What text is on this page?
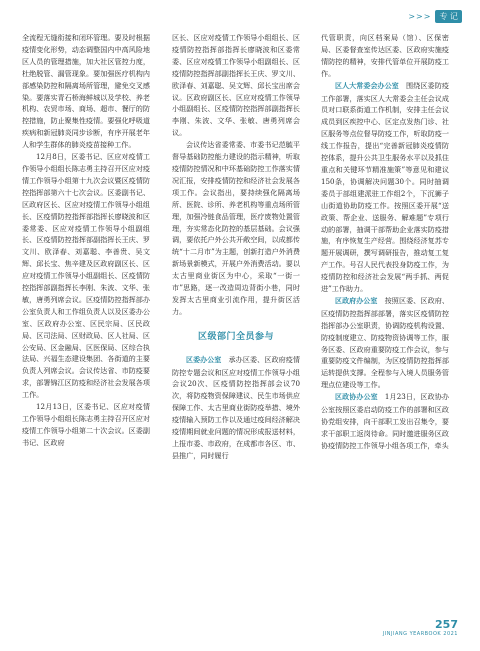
>>>	专 记

全流程无缝衔接和闭环管理。要及时根据疫情变化形势，动态调整国内中高风险地区人员的管理措施，加大社区管控力度，杜绝脱管、漏管现象。要加强医疗机构内部感染防控和隔离场所管理，避免交叉感染。要落实青石桥海鲜城以及学校、养老机构、农贸市场、商场、超市、餐厅的防控措施，防止聚集性疫情。要强化呼吸道疾病和新冠肺炎同步诊断，有序开展老年人和学生群体的肺炎疫苗接种工作。

12月8日，区委书记、区应对疫情工作领导小组组长陈志勇主持召开区应对疫情工作领导小组第十九次会议暨区疫情防控指挥部第六十七次会议。区委副书记、区政府区长、区应对疫情工作领导小组组长、区疫情防控指挥部指挥长廖晓波和区委常委、区应对疫情工作领导小组副组长、区疫情防控指挥部副指挥长王庆、罗文川、欧泽春、刘嘉聪、李善贵、吴文辉、邱长宝、焦辛建及区政府副区长、区应对疫情工作领导小组副组长、区疫情防控指挥部副指挥长李刚、朱波、文华、张敏，唐勇列席会议。区疫情防控指挥部办公室负责人和工作组负责人以及区委办公室、区政府办公室、区民宗局、区民政局、区司法局、区财政局、区人社局、区公安局、区金融局、区医保局、区综合执法局、兴福生态建设集团、各街道的主要负责人列席会议。会议传达省、市防疫要求，部署锦江区防疫和经济社会发展各项工作。

12月13日，区委书记、区应对疫情工作领导小组组长陈志勇主持召开区应对疫情工作领导小组第二十次会议。区委副书记、区政府

区长、区应对疫情工作领导小组组长、区疫情防控指挥部指挥长廖晓波和区委常委、区应对疫情工作领导小组副组长、区疫情防控指挥部副指挥长王庆、罗文川、欧泽春、刘嘉聪、吴文辉、邱长宝出席会议。区政府副区长、区应对疫情工作领导小组副组长、区疫情防控指挥部副指挥长李刚、朱波、文华、张敏、唐勇列席会议。

会议传达省委常委、市委书记范毓平督导基础防控能力建设的指示精神，听取疫情防控情况和中环基础防控工作落实情况汇报，安排疫情防控和经济社会发展各项工作。会议指出，要持续强化隔离场所、医院、诊所、养老机构等重点场所管理，加强冷链食品管理，医疗废物处置管理，夯实常态化防控的基层基础。会议强调，要依托户外公共开敞空间，以成都传统“十二月市”为主题，创新打造户外消费新场景新模式，开展户外消费活动。要以太古里商业街区为中心，采取“一街一市”思路，逐一改造周边背街小巷，同时发挥太古里商业引流作用，提升街区活力。

区级部门全员参与

区委办公室　 承办区委、区政府疫情防控专题会议和区应对疫情工作领导小组会议20次、区疫情防控指挥部会议70次，将防疫物资保障建议、民生市场供应保障工作、太古里商业街防疫举措、境外疫情输入预防工作以及通过疫间经济解决疫情期间就业问题的情况形成报送材料，上报市委、市政府，在成都市各区、市、县推广，同时履行

代管职责，向区档案局（馆）、区保密局、区委督查室传达区委、区政府实施疫情防控的精神，安排代管单位开展防疫工作。

区人大常委会办公室　 围绕区委防疫工作部署，落实区人大常委会主任会议成员对口联系街道工作机制，安排主任会议成员到区疾控中心、区定点发热门诊、社区服务等点位督导防疫工作，听取防疫一线工作报告，提出“完善新冠肺炎疫情防控体系，提升公共卫生服务水平以及抓住重点和关键环节精准施策”等意见和建议150条，协调解决问题30个。同时抽调委员于部组建派驻工作组2个，下沉狮子山街道协助防疫工作。按照区委开展“送政策、帮企业、送服务、解难题”专项行动的部署，抽调干部帮助企业落实防疫措施，有序恢复生产经营。围绕经济复苏专题开展调研，撰写调研报告，推动复工复产工作。号召人民代表投身防疫工作，为疫情防控和经济社会发展“两手抓、两促进”工作助力。

区政府办公室　 按照区委、区政府、区疫情防控指挥部部署，落实区疫情防控指挥部办公室职责，协调防疫机构设置、防疫制度建立、防疫物资协调等工作，服务区委、区政府重要防疫工作会议，参与重要防疫文件编制，为区疫情防控指挥部运转提供支撑。全程参与入境人员服务管理点位建设等工作。

区政协办公室　 1月23日，区政协办公室按照区委启动防疫工作的部署和区政协党组安排，向干部职工发出召集令，要求干部职工返岗待命。同时邀进服务区政协疫情防控工作领导小组各项工作，牵头

257
JINJIANG YEARBOOK 2021
